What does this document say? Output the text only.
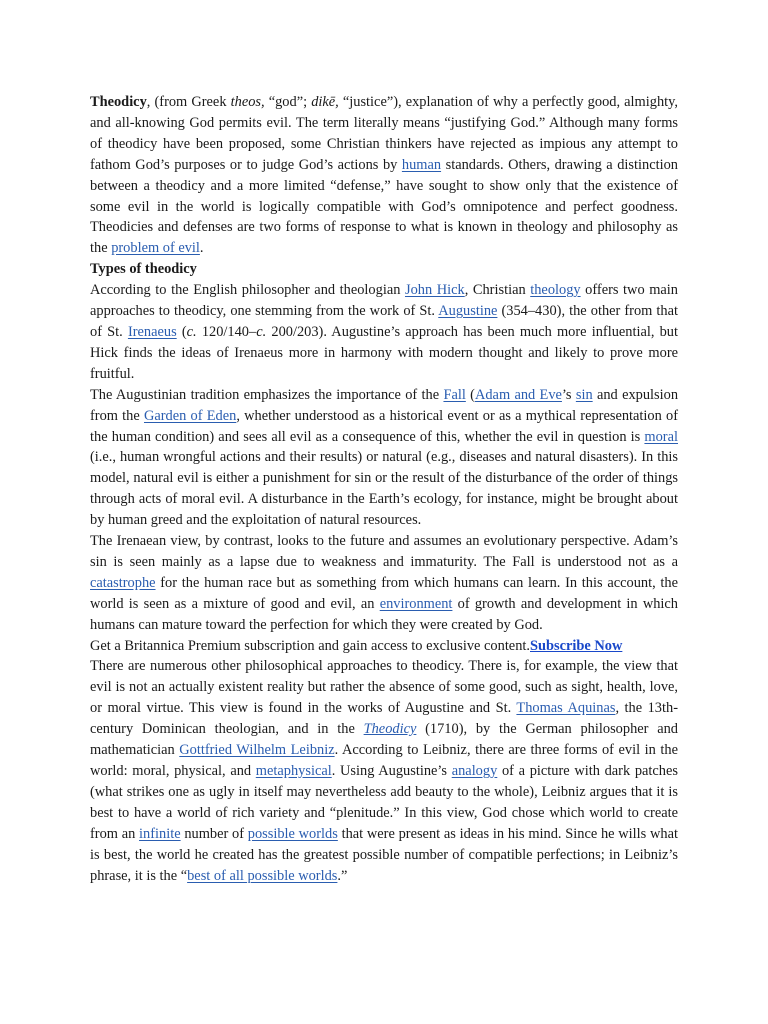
Theodicy, (from Greek theos, “god”; dikē, “justice”), explanation of why a perfectly good, almighty, and all-knowing God permits evil. The term literally means “justifying God.” Although many forms of theodicy have been proposed, some Christian thinkers have rejected as impious any attempt to fathom God’s purposes or to judge God’s actions by human standards. Others, drawing a distinction between a theodicy and a more limited “defense,” have sought to show only that the existence of some evil in the world is logically compatible with God’s omnipotence and perfect goodness. Theodicies and defenses are two forms of response to what is known in theology and philosophy as the problem of evil.

Types of theodicy

According to the English philosopher and theologian John Hick, Christian theology offers two main approaches to theodicy, one stemming from the work of St. Augustine (354–430), the other from that of St. Irenaeus (c. 120/140–c. 200/203). Augustine’s approach has been much more influential, but Hick finds the ideas of Irenaeus more in harmony with modern thought and likely to prove more fruitful.

The Augustinian tradition emphasizes the importance of the Fall (Adam and Eve’s sin and expulsion from the Garden of Eden, whether understood as a historical event or as a mythical representation of the human condition) and sees all evil as a consequence of this, whether the evil in question is moral (i.e., human wrongful actions and their results) or natural (e.g., diseases and natural disasters). In this model, natural evil is either a punishment for sin or the result of the disturbance of the order of things through acts of moral evil. A disturbance in the Earth’s ecology, for instance, might be brought about by human greed and the exploitation of natural resources.

The Irenaean view, by contrast, looks to the future and assumes an evolutionary perspective. Adam’s sin is seen mainly as a lapse due to weakness and immaturity. The Fall is understood not as a catastrophe for the human race but as something from which humans can learn. In this account, the world is seen as a mixture of good and evil, an environment of growth and development in which humans can mature toward the perfection for which they were created by God.

Get a Britannica Premium subscription and gain access to exclusive content.Subscribe Now

There are numerous other philosophical approaches to theodicy. There is, for example, the view that evil is not an actually existent reality but rather the absence of some good, such as sight, health, love, or moral virtue. This view is found in the works of Augustine and St. Thomas Aquinas, the 13th-century Dominican theologian, and in the Theodicy (1710), by the German philosopher and mathematician Gottfried Wilhelm Leibniz. According to Leibniz, there are three forms of evil in the world: moral, physical, and metaphysical. Using Augustine’s analogy of a picture with dark patches (what strikes one as ugly in itself may nevertheless add beauty to the whole), Leibniz argues that it is best to have a world of rich variety and “plenitude.” In this view, God chose which world to create from an infinite number of possible worlds that were present as ideas in his mind. Since he wills what is best, the world he created has the greatest possible number of compatible perfections; in Leibniz’s phrase, it is the “best of all possible worlds.”
